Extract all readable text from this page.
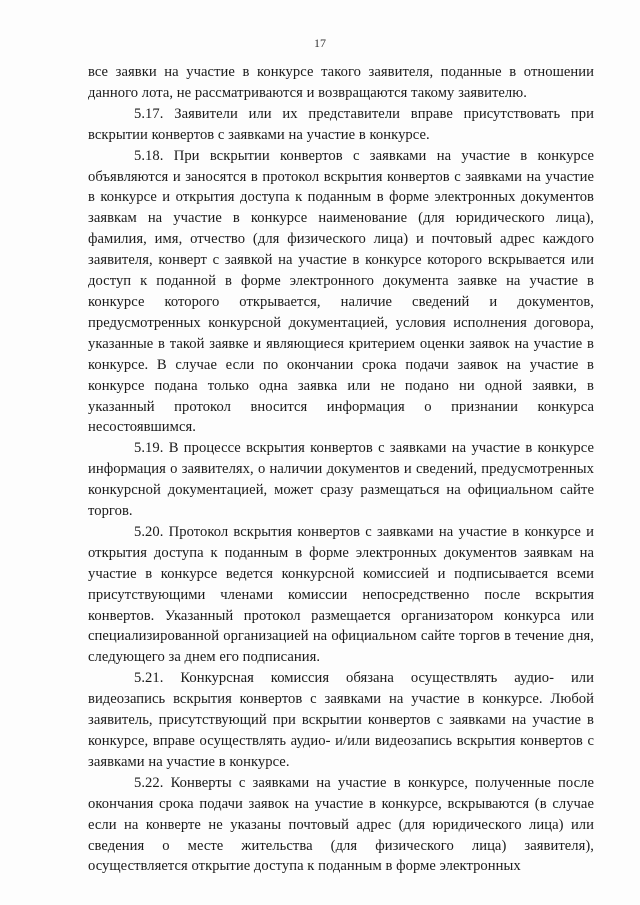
17

все заявки на участие в конкурсе такого заявителя, поданные в отношении данного лота, не рассматриваются и возвращаются такому заявителю.

5.17. Заявители или их представители вправе присутствовать при вскрытии конвертов с заявками на участие в конкурсе.

5.18. При вскрытии конвертов с заявками на участие в конкурсе объявляются и заносятся в протокол вскрытия конвертов с заявками на участие в конкурсе и открытия доступа к поданным в форме электронных документов заявкам на участие в конкурсе наименование (для юридического лица), фамилия, имя, отчество (для физического лица) и почтовый адрес каждого заявителя, конверт с заявкой на участие в конкурсе которого вскрывается или доступ к поданной в форме электронного документа заявке на участие в конкурсе которого открывается, наличие сведений и документов, предусмотренных конкурсной документацией, условия исполнения договора, указанные в такой заявке и являющиеся критерием оценки заявок на участие в конкурсе. В случае если по окончании срока подачи заявок на участие в конкурсе подана только одна заявка или не подано ни одной заявки, в указанный протокол вносится информация о признании конкурса несостоявшимся.

5.19. В процессе вскрытия конвертов с заявками на участие в конкурсе информация о заявителях, о наличии документов и сведений, предусмотренных конкурсной документацией, может сразу размещаться на официальном сайте торгов.

5.20. Протокол вскрытия конвертов с заявками на участие в конкурсе и открытия доступа к поданным в форме электронных документов заявкам на участие в конкурсе ведется конкурсной комиссией и подписывается всеми присутствующими членами комиссии непосредственно после вскрытия конвертов. Указанный протокол размещается организатором конкурса или специализированной организацией на официальном сайте торгов в течение дня, следующего за днем его подписания.

5.21. Конкурсная комиссия обязана осуществлять аудио- или видеозапись вскрытия конвертов с заявками на участие в конкурсе. Любой заявитель, присутствующий при вскрытии конвертов с заявками на участие в конкурсе, вправе осуществлять аудио- и/или видеозапись вскрытия конвертов с заявками на участие в конкурсе.

5.22. Конверты с заявками на участие в конкурсе, полученные после окончания срока подачи заявок на участие в конкурсе, вскрываются (в случае если на конверте не указаны почтовый адрес (для юридического лица) или сведения о месте жительства (для физического лица) заявителя), осуществляется открытие доступа к поданным в форме электронных
